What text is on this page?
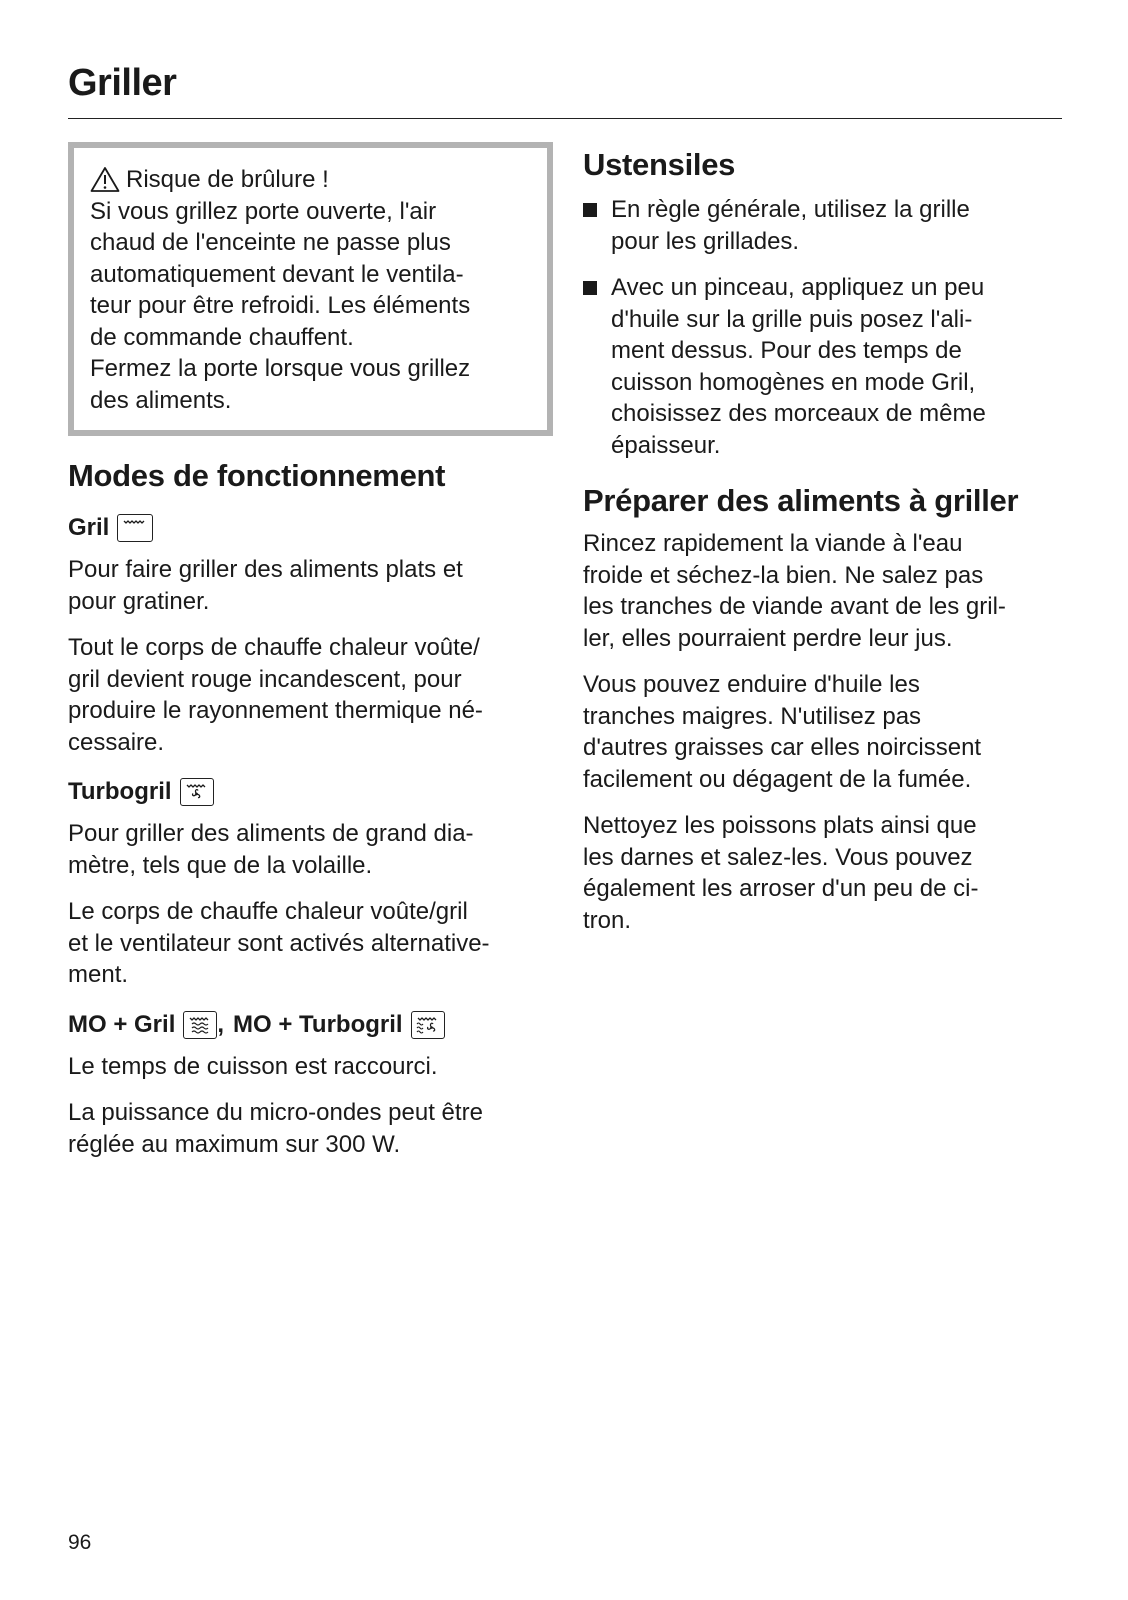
Griller
Risque de brûlure !
Si vous grillez porte ouverte, l'air
chaud de l'enceinte ne passe plus
automatiquement devant le ventila-
teur pour être refroidi. Les éléments
de commande chauffent.
Fermez la porte lorsque vous grillez
des aliments.
Modes de fonctionnement
Gril

Pour faire griller des aliments plats et

pour gratiner.

Tout le corps de chauffe chaleur voûte/

gril devient rouge incandescent, pour

produire le rayonnement thermique né-

cessaire.

Turbogril

Pour griller des aliments de grand dia-

mètre, tels que de la volaille.

Le corps de chauffe chaleur voûte/gril

et le ventilateur sont activés alternative-

ment.

MO + Gril , MO + Turbogril

Le temps de cuisson est raccourci.

La puissance du micro-ondes peut être

réglée au maximum sur 300 W.

Ustensiles
En règle générale, utilisez la grille
pour les grillades.
Avec un pinceau, appliquez un peu
d'huile sur la grille puis posez l'ali-
ment dessus. Pour des temps de
cuisson homogènes en mode Gril,
choisissez des morceaux de même
épaisseur.
Préparer des aliments à griller

Rincez rapidement la viande à l'eau

froide et séchez-la bien. Ne salez pas

les tranches de viande avant de les gril-

ler, elles pourraient perdre leur jus.

Vous pouvez enduire d'huile les

tranches maigres. N'utilisez pas

d'autres graisses car elles noircissent

facilement ou dégagent de la fumée.

Nettoyez les poissons plats ainsi que

les darnes et salez-les. Vous pouvez

également les arroser d'un peu de ci-

tron.

96
